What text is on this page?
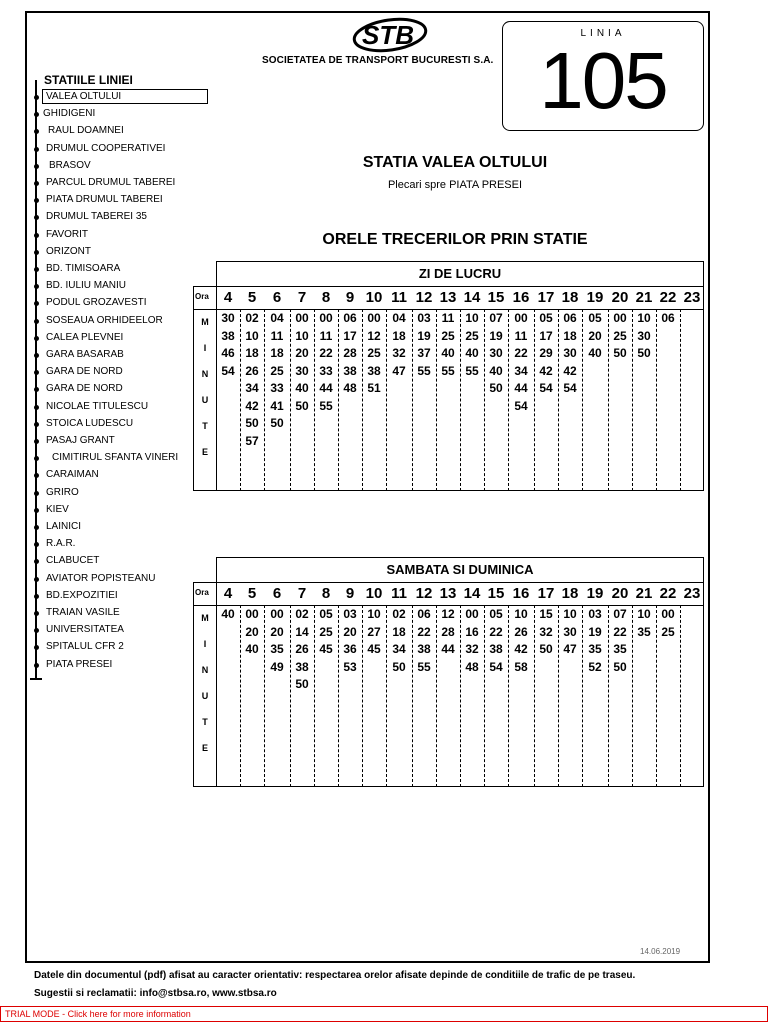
STB
SOCIETATEA DE TRANSPORT BUCURESTI S.A.
LINIA
105
STATIILE LINIEI
VALEA OLTULUI
GHIDIGENI
RAUL DOAMNEI
DRUMUL COOPERATIVEI
BRASOV
PARCUL DRUMUL TABEREI
PIATA DRUMUL TABEREI
DRUMUL TABEREI 35
FAVORIT
ORIZONT
BD. TIMISOARA
BD. IULIU MANIU
PODUL GROZAVESTI
SOSEAUA ORHIDEELOR
CALEA PLEVNEI
GARA BASARAB
GARA DE NORD
GARA DE NORD
NICOLAE TITULESCU
STOICA LUDESCU
PASAJ GRANT
CIMITIRUL SFANTA VINERI
CARAIMAN
GRIRO
KIEV
LAINICI
R.A.R.
CLABUCET
AVIATOR POPISTEANU
BD.EXPOZITIEI
TRAIAN VASILE
UNIVERSITATEA
SPITALUL CFR 2
PIATA PRESEI
STATIA VALEA OLTULUI
Plecari spre PIATA PRESEI
ORELE TRECERILOR PRIN STATIE
ZI DE LUCRU
Ora
M
I
N
U
T
E
4
30
38
46
54
5
02
10
18
26
34
42
50
57
6
04
11
18
25
33
41
50
7
00
10
20
30
40
50
8
00
11
22
33
44
55
9
06
17
28
38
48
10
00
12
25
38
51
11
04
18
32
47
12
03
19
37
55
13
11
25
40
55
14
10
25
40
55
15
07
19
30
40
50
16
00
11
22
34
44
54
17
05
17
29
42
54
18
06
18
30
42
54
19
05
20
40
20
00
25
50
21
10
30
50
22
06
23
SAMBATA SI DUMINICA
Ora
M
I
N
U
T
E
4
40
5
00
20
40
6
00
20
35
49
7
02
14
26
38
50
8
05
25
45
9
03
20
36
53
10
10
27
45
11
02
18
34
50
12
06
22
38
55
13
12
28
44
14
00
16
32
48
15
05
22
38
54
16
10
26
42
58
17
15
32
50
18
10
30
47
19
03
19
35
52
20
07
22
35
50
21
10
35
22
00
25
23
14.06.2019
Datele din documentul (pdf) afisat au caracter orientativ: respectarea orelor afisate depinde de conditiile de trafic de pe traseu.
Sugestii si reclamatii: info@stbsa.ro, www.stbsa.ro
TRIAL MODE - Click here for more information
